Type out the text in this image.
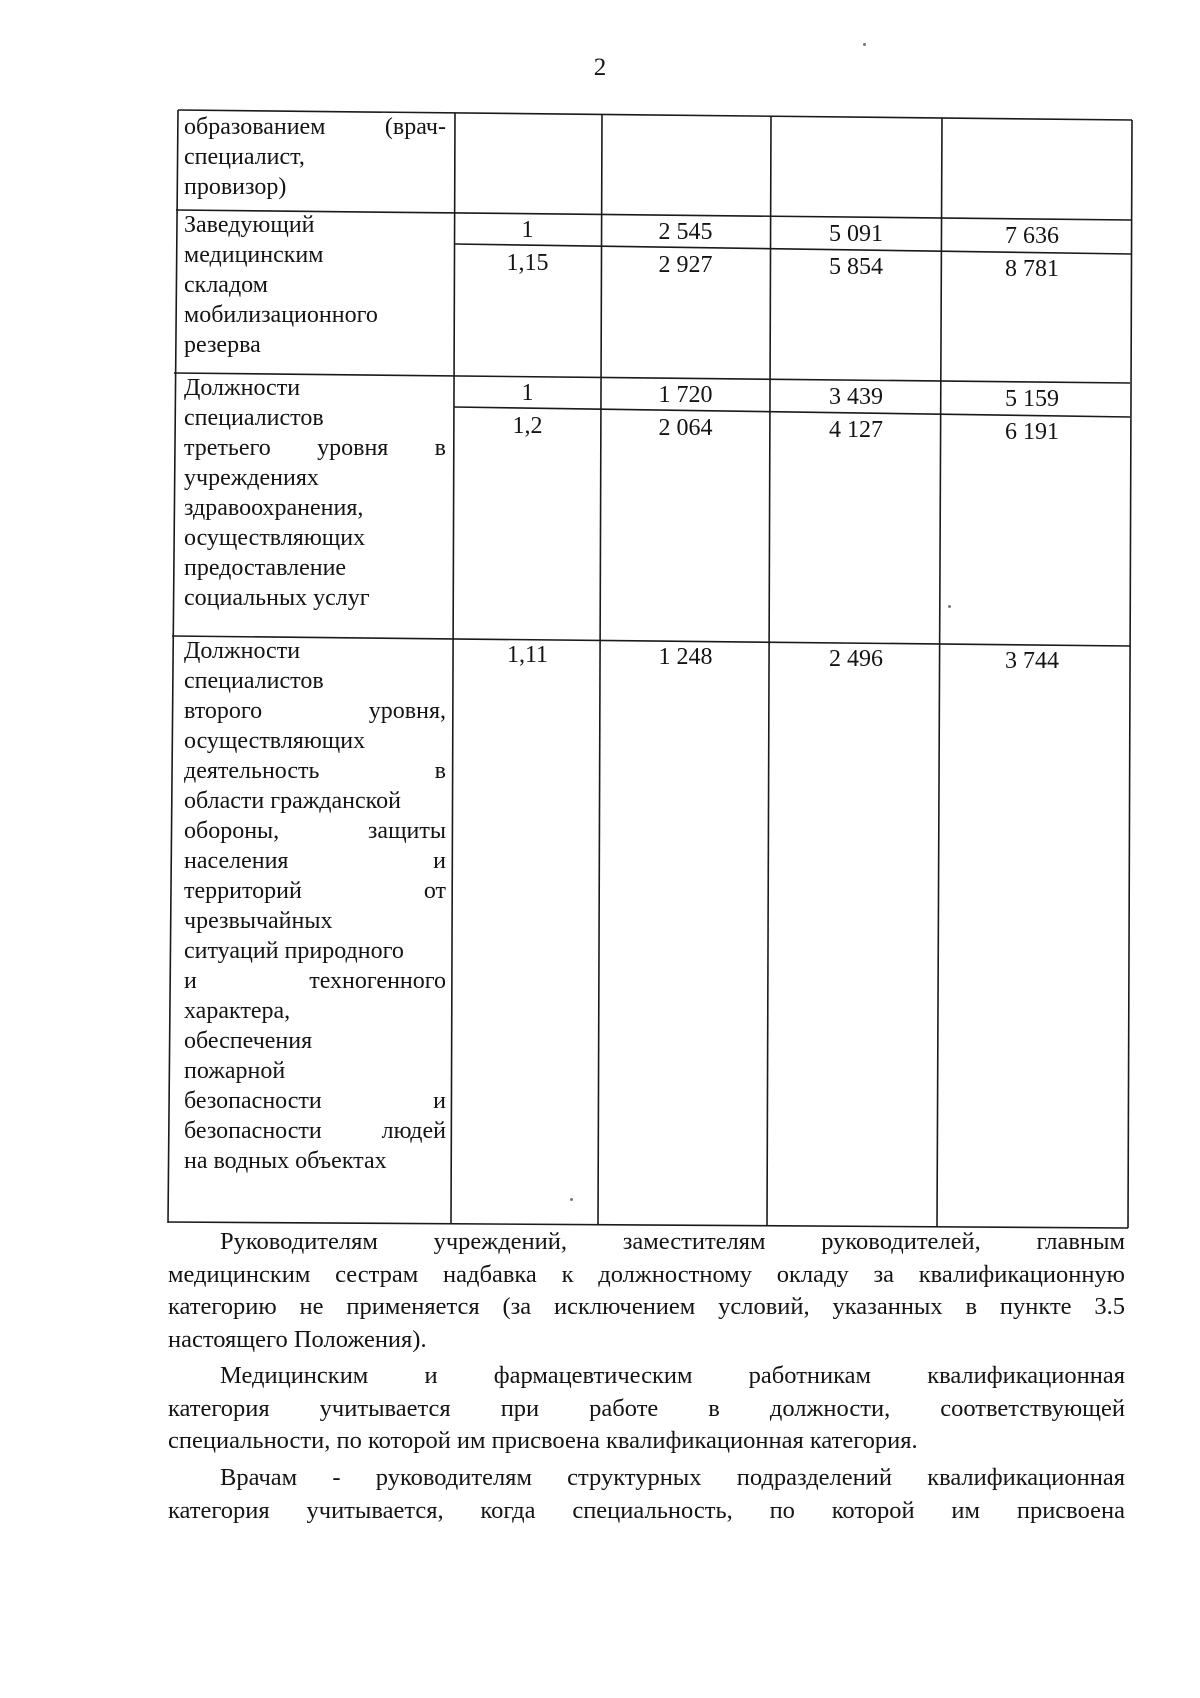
2
образованием (врач-
специалист,
провизор)
Заведующий
медицинским
складом
мобилизационного
резерва
1	2 545	5 091	7 636
1,15	2 927	5 854	8 781
Должности
специалистов
третьего уровня в
учреждениях
здравоохранения,
осуществляющих
предоставление
социальных услуг
1	1 720	3 439	5 159
1,2	2 064	4 127	6 191
Должности
специалистов
второго уровня,
осуществляющих
деятельность в
области гражданской
обороны, защиты
населения и
территорий от
чрезвычайных
ситуаций природного
и техногенного
характера,
обеспечения
пожарной
безопасности и
безопасности людей
на водных объектах
1,11	1 248	2 496	3 744
Руководителям учреждений, заместителям руководителей, главным
медицинским сестрам надбавка к должностному окладу за квалификационную
категорию не применяется (за исключением условий, указанных в пункте 3.5
настоящего Положения).
Медицинским и фармацевтическим работникам квалификационная
категория учитывается при работе в должности, соответствующей
специальности, по которой им присвоена квалификационная категория.
Врачам - руководителям структурных подразделений квалификационная
категория учитывается, когда специальность, по которой им присвоена
